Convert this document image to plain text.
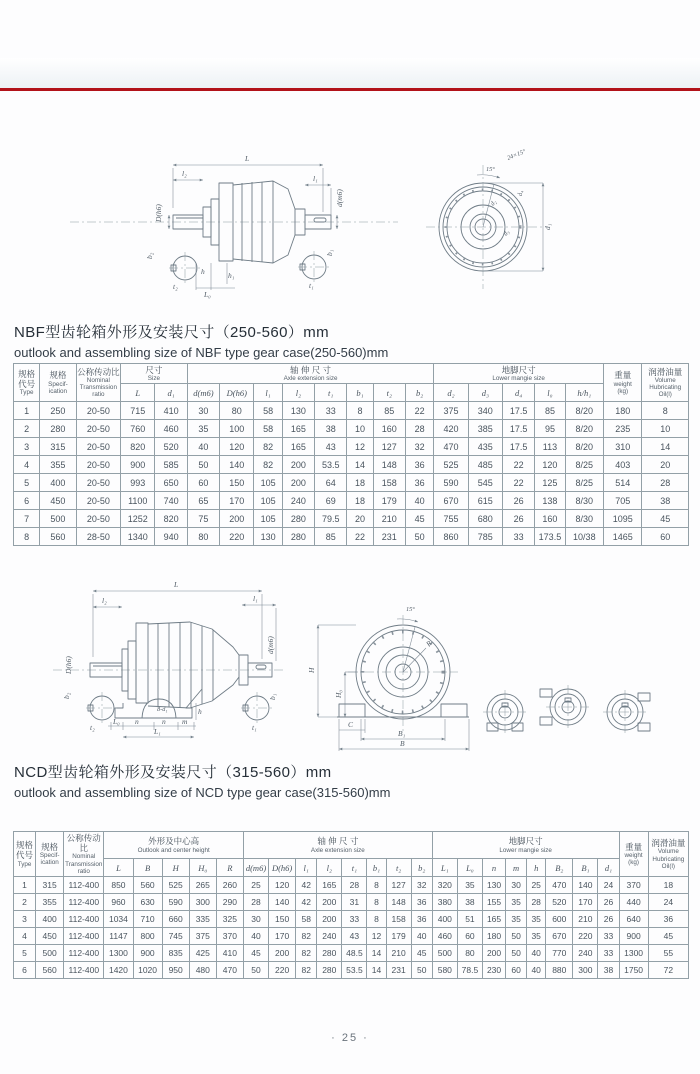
L
l₂
l₁
D(h6)
d(m6)
b₂
t₂
b₁
t₁
h	h₁
L₀
15°
24×15°
d₁
d₄
d₂
d₃
NBF型齿轮箱外形及安装尺寸（250-560）mm
outlook and assembling size of NBF type gear case(250-560)mm
规格代号
Type	规格
Specif-ication	公称传动比
Nominal Transmission ratio	尺寸
Size		轴 伸 尺 寸
Axle extension size								地脚尺寸
Lower mangie size					重量
weight
(kg)	润滑油量
Volume Hubricating Oil(l)

			L	d₁	d(m6)	D(h6)	l₁	l₂	t₁	b₁	t₂	b₂	d₂	d₃	d₄	l₀	h/h₁		
1	250	20-50	715	410	30	80	58	130	33	8	85	22	375	340	17.5	85	8/20	180	8
2	280	20-50	760	460	35	100	58	165	38	10	160	28	420	385	17.5	95	8/20	235	10
3	315	20-50	820	520	40	120	82	165	43	12	127	32	470	435	17.5	113	8/20	310	14
4	355	20-50	900	585	50	140	82	200	53.5	14	148	36	525	485	22	120	8/25	403	20
5	400	20-50	993	650	60	150	105	200	64	18	158	36	590	545	22	125	8/25	514	28
6	450	20-50	1100	740	65	170	105	240	69	18	179	40	670	615	26	138	8/30	705	38
7	500	20-50	1252	820	75	200	105	280	79.5	20	210	45	755	680	26	160	8/30	1095	45
8	560	28-50	1340	940	80	220	130	280	85	22	231	50	860	785	33	173.5	10/38	1465	60
8-d₁	h
L
l₂	l₁
D(h6)
d(m6)
L₀ n	n m
L₁
b₂
t₂
b₁
t₁
H
H₀
15°
R
C
B₁
B
NCD型齿轮箱外形及安装尺寸（315-560）mm
outlook and assembling size of NCD type gear case(315-560)mm
规格代号
Type	规格
Specif-ication	公称传动比
Nominal Transmission ratio	外形及中心高
Outlook and center height					轴 伸 尺 寸
Axle extension size								地脚尺寸
Lower mangie size								重量
weight
(kg)	润滑油量
Volume Hubricating Oil(l)

			L	B	H	H₀	R	d(m6)	D(h6)	l₁	l₂	t₁	b₁	t₂	b₂	L₁	L₀	n	m	h	B₂	B₁	d₁		
1	315	112-400	850	560	525	265	260	25	120	42	165	28	8	127	32	320	35	130	30	25	470	140	24	370	18
2	355	112-400	960	630	590	300	290	28	140	42	200	31	8	148	36	380	38	155	35	28	520	170	26	440	24
3	400	112-400	1034	710	660	335	325	30	150	58	200	33	8	158	36	400	51	165	35	35	600	210	26	640	36
4	450	112-400	1147	800	745	375	370	40	170	82	240	43	12	179	40	460	60	180	50	35	670	220	33	900	45
5	500	112-400	1300	900	835	425	410	45	200	82	280	48.5	14	210	45	500	80	200	50	40	770	240	33	1300	55
6	560	112-400	1420	1020	950	480	470	50	220	82	280	53.5	14	231	50	580	78.5	230	60	40	880	300	38	1750	72
· 25 ·
